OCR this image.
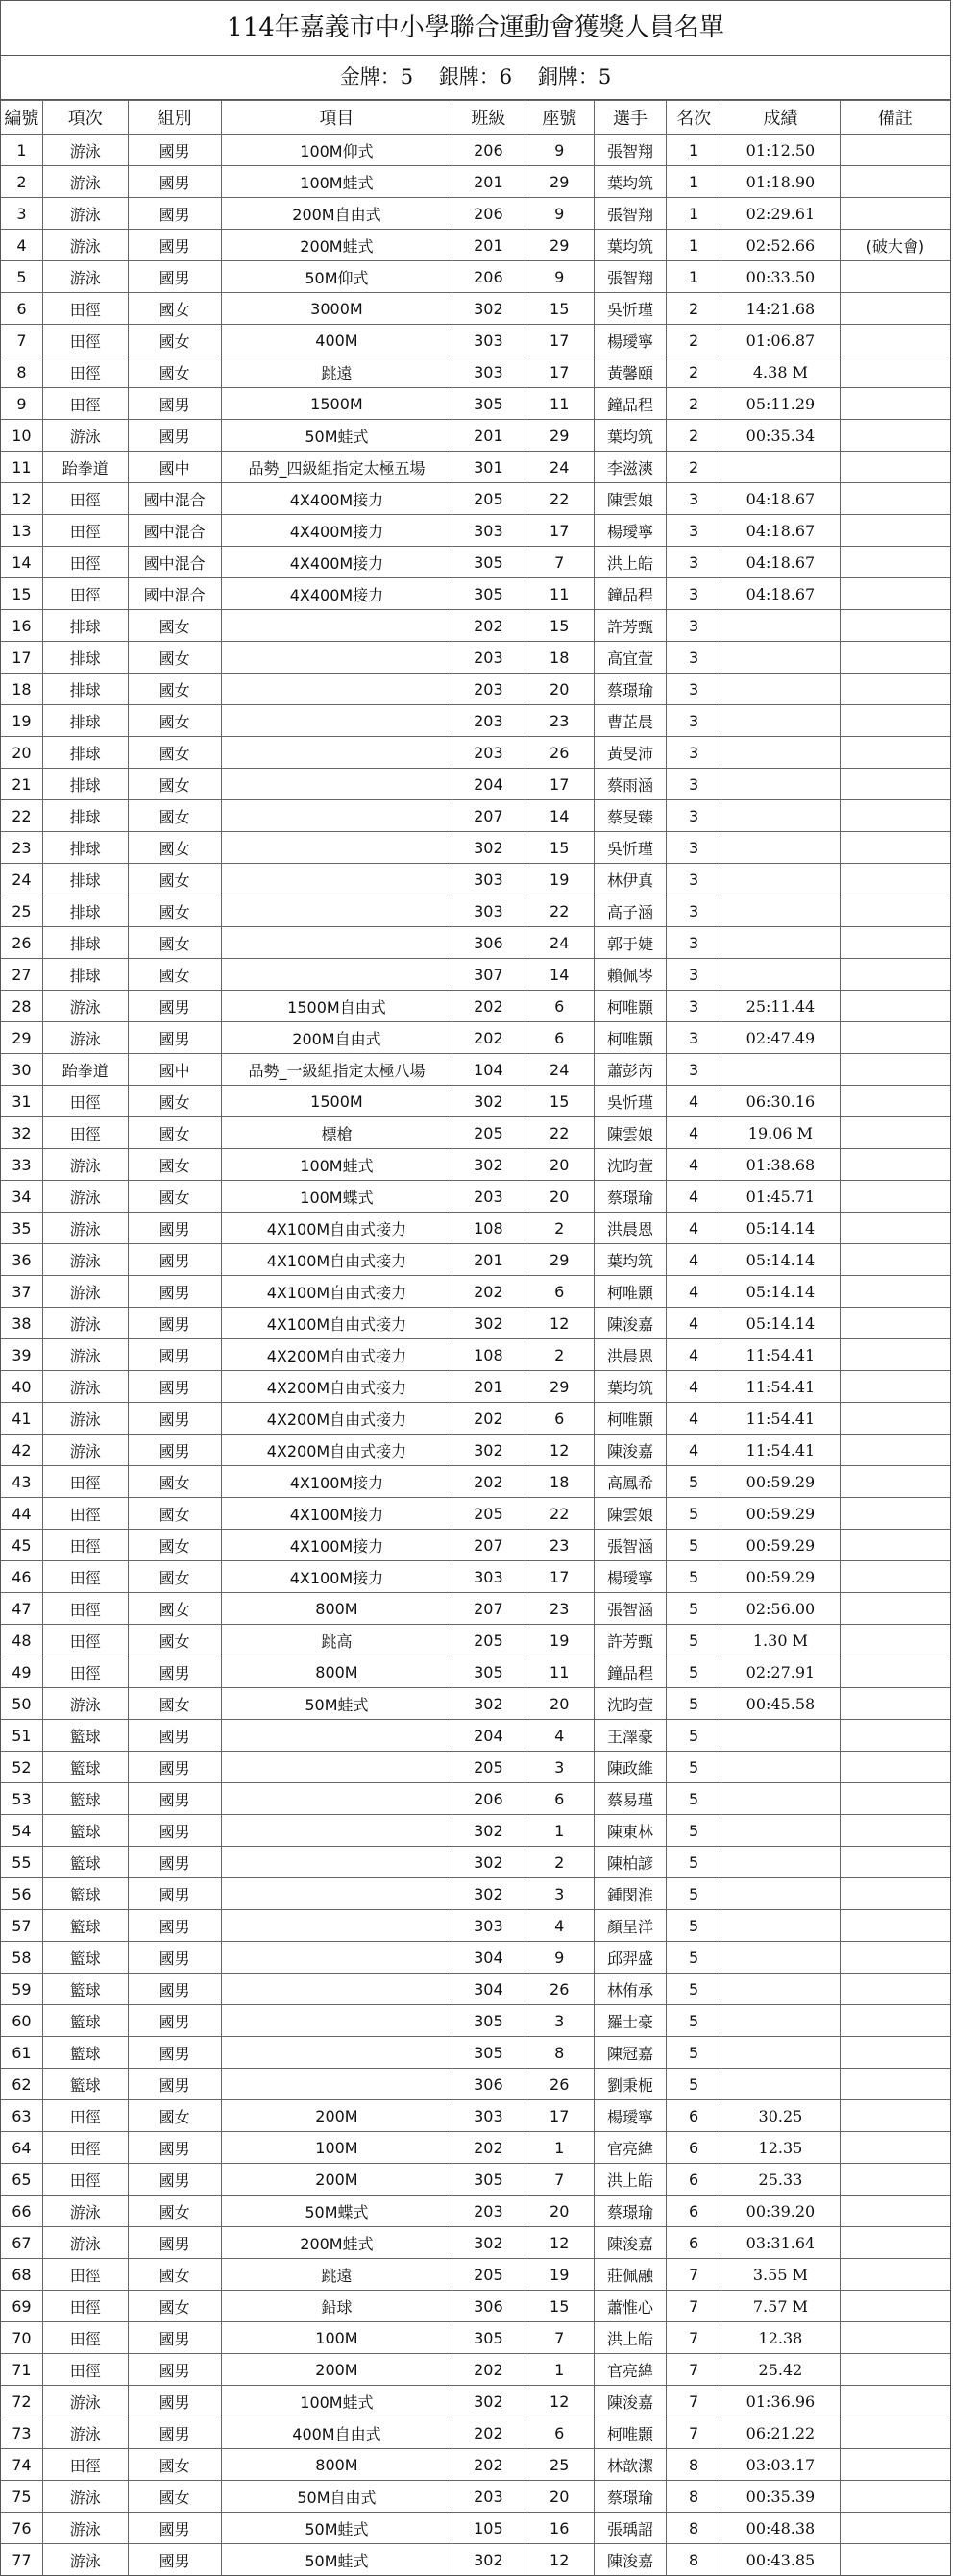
114年嘉義市中小學聯合運動會獲獎人員名單
金牌：5 銀牌：6 銅牌：5
編號	項次	組別	項目	班級	座號	選手	名次	成績	備註
1	游泳	國男	100M仰式	206	9	張智翔	1	01:12.50	
2	游泳	國男	100M蛙式	201	29	葉均筑	1	01:18.90	
3	游泳	國男	200M自由式	206	9	張智翔	1	02:29.61	
4	游泳	國男	200M蛙式	201	29	葉均筑	1	02:52.66	(破大會)
5	游泳	國男	50M仰式	206	9	張智翔	1	00:33.50	
6	田徑	國女	3000M	302	15	吳忻瑾	2	14:21.68	
7	田徑	國女	400M	303	17	楊璦寧	2	01:06.87	
8	田徑	國女	跳遠	303	17	黃馨頤	2	4.38 M	
9	田徑	國男	1500M	305	11	鐘品程	2	05:11.29	
10	游泳	國男	50M蛙式	201	29	葉均筑	2	00:35.34	
11	跆拳道	國中	品勢_四級組指定太極五場	301	24	李滋漺	2		
12	田徑	國中混合	4X400M接力	205	22	陳雲娘	3	04:18.67	
13	田徑	國中混合	4X400M接力	303	17	楊璦寧	3	04:18.67	
14	田徑	國中混合	4X400M接力	305	7	洪上皓	3	04:18.67	
15	田徑	國中混合	4X400M接力	305	11	鐘品程	3	04:18.67	
16	排球	國女		202	15	許芳甄	3		
17	排球	國女		203	18	高宜萱	3		
18	排球	國女		203	20	蔡璟瑜	3		
19	排球	國女		203	23	曹芷晨	3		
20	排球	國女		203	26	黃旻沛	3		
21	排球	國女		204	17	蔡雨涵	3		
22	排球	國女		207	14	蔡旻臻	3		
23	排球	國女		302	15	吳忻瑾	3		
24	排球	國女		303	19	林伊真	3		
25	排球	國女		303	22	高子涵	3		
26	排球	國女		306	24	郭于婕	3		
27	排球	國女		307	14	賴佩岑	3		
28	游泳	國男	1500M自由式	202	6	柯唯顥	3	25:11.44	
29	游泳	國男	200M自由式	202	6	柯唯顥	3	02:47.49	
30	跆拳道	國中	品勢_一級組指定太極八場	104	24	蕭彭芮	3		
31	田徑	國女	1500M	302	15	吳忻瑾	4	06:30.16	
32	田徑	國女	標槍	205	22	陳雲娘	4	19.06 M	
33	游泳	國女	100M蛙式	302	20	沈昀萱	4	01:38.68	
34	游泳	國女	100M蝶式	203	20	蔡璟瑜	4	01:45.71	
35	游泳	國男	4X100M自由式接力	108	2	洪晨恩	4	05:14.14	
36	游泳	國男	4X100M自由式接力	201	29	葉均筑	4	05:14.14	
37	游泳	國男	4X100M自由式接力	202	6	柯唯顥	4	05:14.14	
38	游泳	國男	4X100M自由式接力	302	12	陳浚嘉	4	05:14.14	
39	游泳	國男	4X200M自由式接力	108	2	洪晨恩	4	11:54.41	
40	游泳	國男	4X200M自由式接力	201	29	葉均筑	4	11:54.41	
41	游泳	國男	4X200M自由式接力	202	6	柯唯顥	4	11:54.41	
42	游泳	國男	4X200M自由式接力	302	12	陳浚嘉	4	11:54.41	
43	田徑	國女	4X100M接力	202	18	高鳳希	5	00:59.29	
44	田徑	國女	4X100M接力	205	22	陳雲娘	5	00:59.29	
45	田徑	國女	4X100M接力	207	23	張智涵	5	00:59.29	
46	田徑	國女	4X100M接力	303	17	楊璦寧	5	00:59.29	
47	田徑	國女	800M	207	23	張智涵	5	02:56.00	
48	田徑	國女	跳高	205	19	許芳甄	5	1.30 M	
49	田徑	國男	800M	305	11	鐘品程	5	02:27.91	
50	游泳	國女	50M蛙式	302	20	沈昀萱	5	00:45.58	
51	籃球	國男		204	4	王澤豪	5		
52	籃球	國男		205	3	陳政維	5		
53	籃球	國男		206	6	蔡易瑾	5		
54	籃球	國男		302	1	陳東林	5		
55	籃球	國男		302	2	陳柏諺	5		
56	籃球	國男		302	3	鍾閔淮	5		
57	籃球	國男		303	4	顏呈洋	5		
58	籃球	國男		304	9	邱羿盛	5		
59	籃球	國男		304	26	林侑承	5		
60	籃球	國男		305	3	羅士豪	5		
61	籃球	國男		305	8	陳冠嘉	5		
62	籃球	國男		306	26	劉秉枙	5		
63	田徑	國女	200M	303	17	楊璦寧	6	30.25	
64	田徑	國男	100M	202	1	官亮緯	6	12.35	
65	田徑	國男	200M	305	7	洪上皓	6	25.33	
66	游泳	國女	50M蝶式	203	20	蔡璟瑜	6	00:39.20	
67	游泳	國男	200M蛙式	302	12	陳浚嘉	6	03:31.64	
68	田徑	國女	跳遠	205	19	莊佩融	7	3.55 M	
69	田徑	國女	鉛球	306	15	蕭惟心	7	7.57 M	
70	田徑	國男	100M	305	7	洪上皓	7	12.38	
71	田徑	國男	200M	202	1	官亮緯	7	25.42	
72	游泳	國男	100M蛙式	302	12	陳浚嘉	7	01:36.96	
73	游泳	國男	400M自由式	202	6	柯唯顥	7	06:21.22	
74	田徑	國女	800M	202	25	林歆潔	8	03:03.17	
75	游泳	國女	50M自由式	203	20	蔡璟瑜	8	00:35.39	
76	游泳	國男	50M蛙式	105	16	張瑀詔	8	00:48.38	
77	游泳	國男	50M蛙式	302	12	陳浚嘉	8	00:43.85	
